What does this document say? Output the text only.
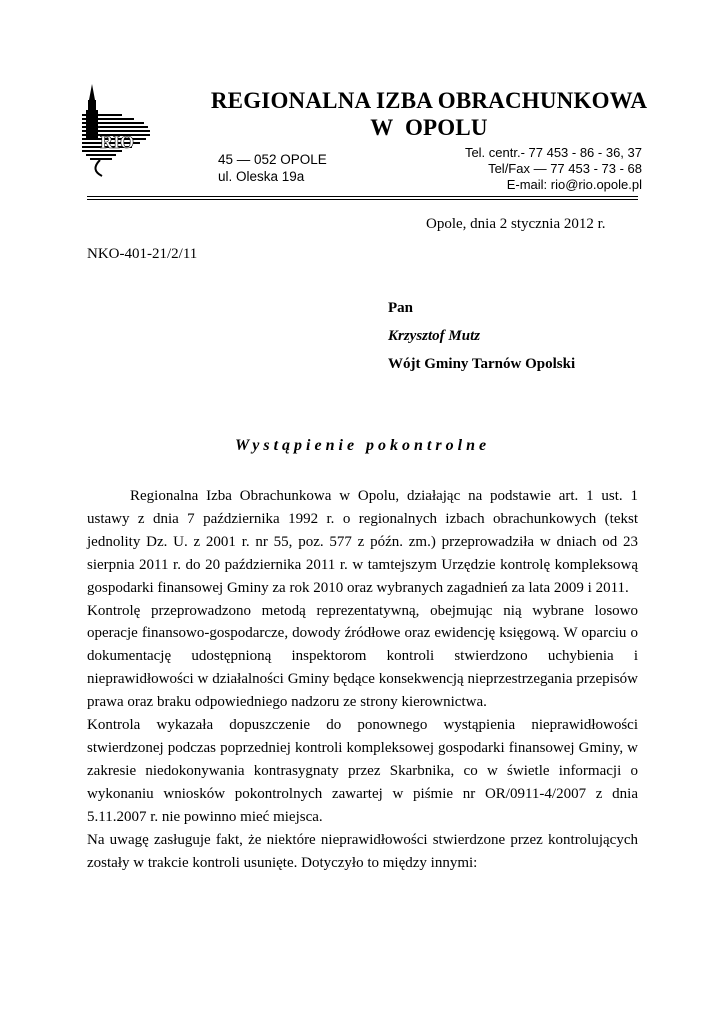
RIO
REGIONALNA IZBA OBRACHUNKOWA
W  OPOLU
45 — 052 OPOLE
ul. Oleska 19a
Tel. centr.- 77 453 - 86 - 36, 37
Tel/Fax — 77 453 - 73 - 68
E-mail: rio@rio.opole.pl
Opole, dnia 2 stycznia 2012 r.
NKO-401-21/2/11
Pan
Krzysztof Mutz
Wójt Gminy Tarnów Opolski
Wystąpienie pokontrolne

Regionalna Izba Obrachunkowa w Opolu, działając na podstawie art. 1 ust. 1 ustawy z dnia 7 października 1992 r. o regionalnych izbach obrachunkowych (tekst jednolity Dz. U. z 2001 r. nr 55, poz. 577 z późn. zm.) przeprowadziła w dniach od 23 sierpnia 2011 r. do 20 października 2011 r. w tamtejszym Urzędzie kontrolę kompleksową gospodarki finansowej Gminy za rok 2010 oraz wybranych zagadnień za lata 2009 i 2011.

Kontrolę przeprowadzono metodą reprezentatywną, obejmując nią wybrane losowo operacje finansowo-gospodarcze, dowody źródłowe oraz ewidencję księgową. W oparciu o dokumentację udostępnioną inspektorom kontroli stwierdzono uchybienia i nieprawidłowości w działalności Gminy będące konsekwencją nieprzestrzegania przepisów prawa oraz braku odpowiedniego nadzoru ze strony kierownictwa.

Kontrola wykazała dopuszczenie do ponownego wystąpienia nieprawidłowości stwierdzonej podczas poprzedniej kontroli kompleksowej gospodarki finansowej Gminy, w zakresie niedokonywania kontrasygnaty przez Skarbnika, co w świetle informacji o wykonaniu wniosków pokontrolnych zawartej w piśmie nr OR/0911-4/2007 z dnia 5.11.2007 r. nie powinno mieć miejsca.

Na uwagę zasługuje fakt, że niektóre nieprawidłowości stwierdzone przez kontrolujących zostały w trakcie kontroli usunięte. Dotyczyło to między innymi:
